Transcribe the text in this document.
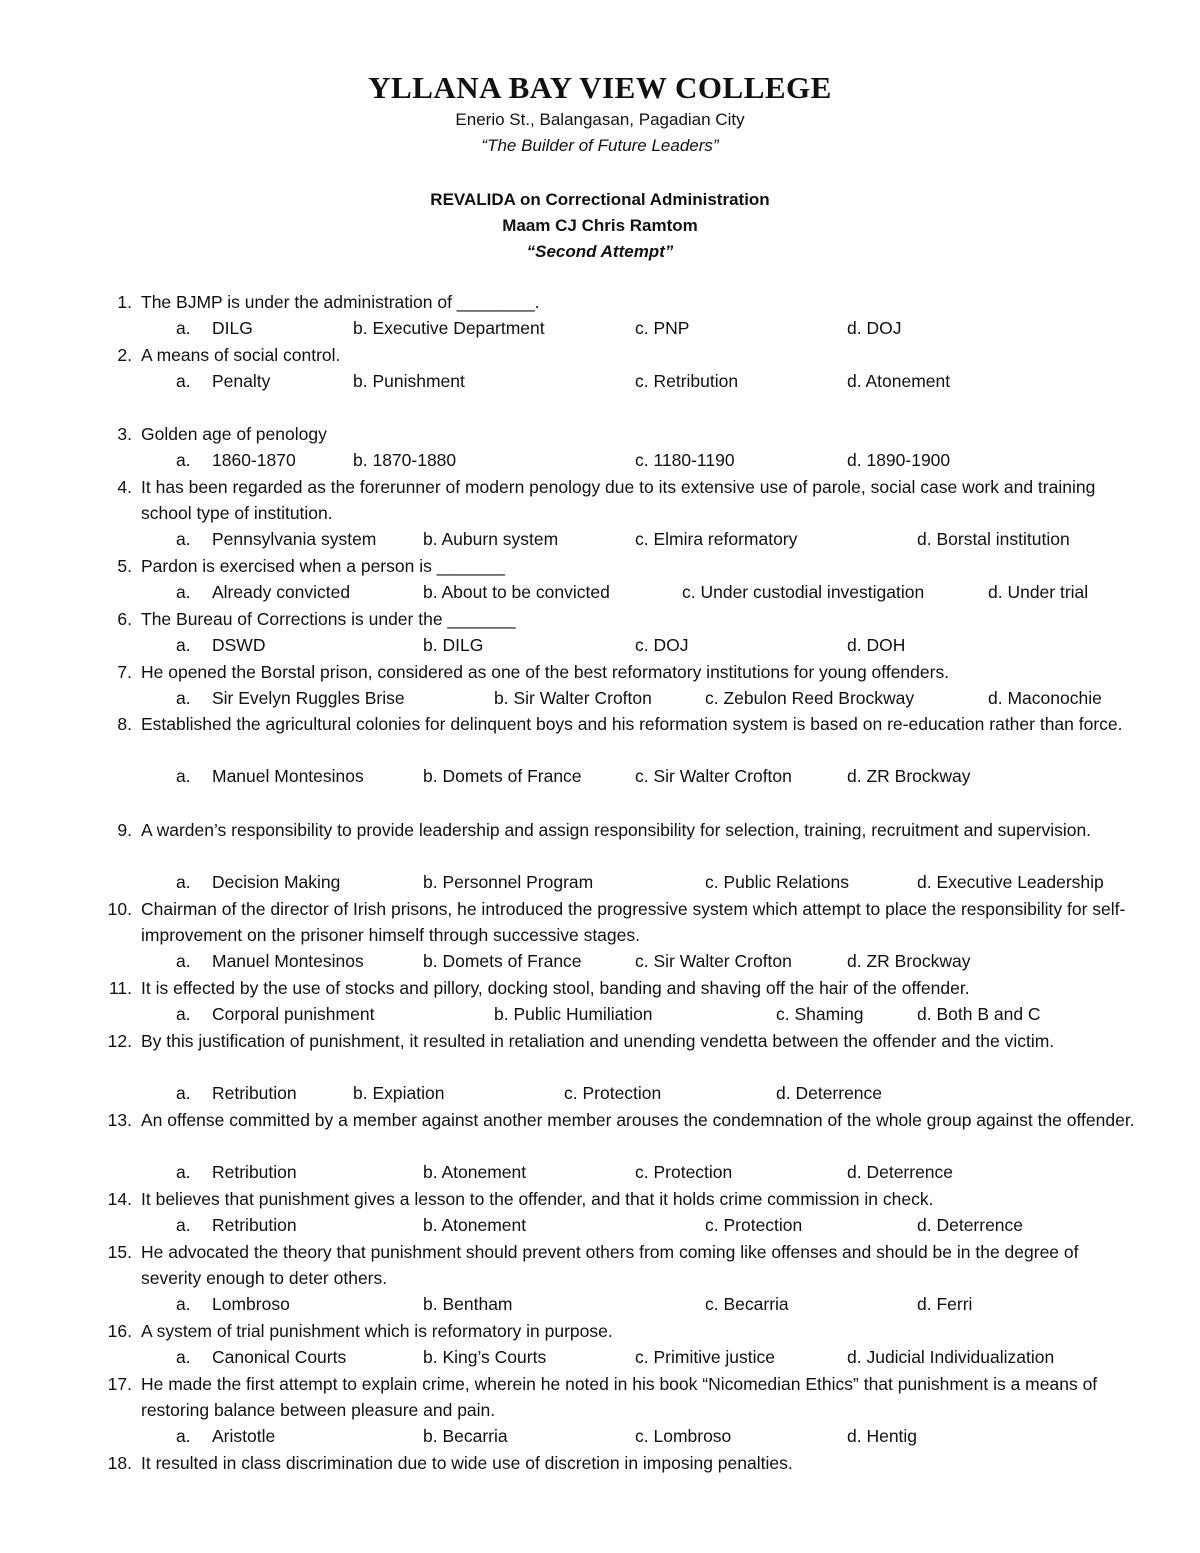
YLLANA BAY VIEW COLLEGE
Enerio St., Balangasan, Pagadian City
“The Builder of Future Leaders”
REVALIDA on Correctional Administration
Maam CJ Chris Ramtom
“Second Attempt”
1. The BJMP is under the administration of ________.
a. DILG	b. Executive Department	c. PNP	d. DOJ
2. A means of social control.
a. Penalty	b. Punishment	c. Retribution	d. Atonement
3. Golden age of penology
a. 1860-1870	b. 1870-1880	c. 1180-1190	d. 1890-1900
4. It has been regarded as the forerunner of modern penology due to its extensive use of parole, social case work and training school type of institution.
a. Pennsylvania system	b. Auburn system	c. Elmira reformatory	d. Borstal institution
5. Pardon is exercised when a person is _______
a. Already convicted	b. About to be convicted	c. Under custodial investigation	d. Under trial
6. The Bureau of Corrections is under the _______
a. DSWD	b. DILG	c. DOJ	d. DOH
7. He opened the Borstal prison, considered as one of the best reformatory institutions for young offenders.
a. Sir Evelyn Ruggles Brise	b. Sir Walter Crofton	c. Zebulon Reed Brockway	d. Maconochie
8. Established the agricultural colonies for delinquent boys and his reformation system is based on re-education rather than force.
a. Manuel Montesinos	b. Domets of France	c. Sir Walter Crofton	d. ZR Brockway
9. A warden’s responsibility to provide leadership and assign responsibility for selection, training, recruitment and supervision.
a. Decision Making	b. Personnel Program	c. Public Relations	d. Executive Leadership
10. Chairman of the director of Irish prisons, he introduced the progressive system which attempt to place the responsibility for self-improvement on the prisoner himself through successive stages.
a. Manuel Montesinos	b. Domets of France	c. Sir Walter Crofton	d. ZR Brockway
11. It is effected by the use of stocks and pillory, docking stool, banding and shaving off the hair of the offender.
a. Corporal punishment	b. Public Humiliation	c. Shaming	d. Both B and C
12. By this justification of punishment, it resulted in retaliation and unending vendetta between the offender and the victim.
a. Retribution	b. Expiation	c. Protection	d. Deterrence
13. An offense committed by a member against another member arouses the condemnation of the whole group against the offender.
a. Retribution	b. Atonement	c. Protection	d. Deterrence
14. It believes that punishment gives a lesson to the offender, and that it holds crime commission in check.
a. Retribution	b. Atonement	c. Protection	d. Deterrence
15. He advocated the theory that punishment should prevent others from coming like offenses and should be in the degree of severity enough to deter others.
a. Lombroso	b. Bentham	c. Becarria	d. Ferri
16. A system of trial punishment which is reformatory in purpose.
a. Canonical Courts	b. King’s Courts	c. Primitive justice	d. Judicial Individualization
17. He made the first attempt to explain crime, wherein he noted in his book “Nicomedian Ethics” that punishment is a means of restoring balance between pleasure and pain.
a. Aristotle	b. Becarria	c. Lombroso	d. Hentig
18. It resulted in class discrimination due to wide use of discretion in imposing penalties.
